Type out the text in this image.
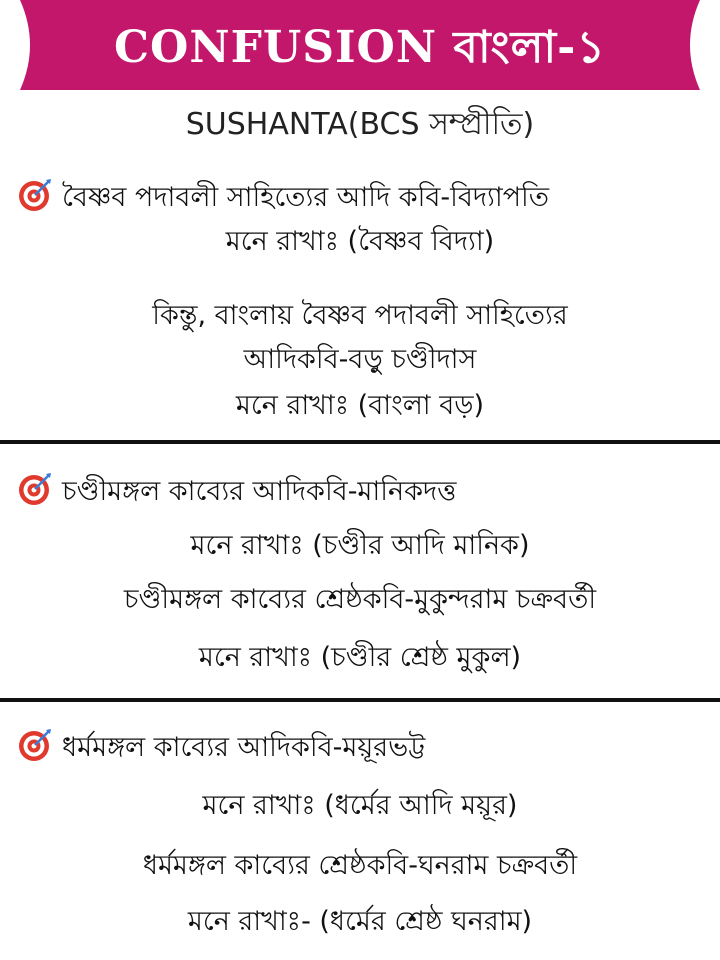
CONFUSION বাংলা-১
SUSHANTA(BCS সম্প্রীতি)
বৈষ্ণব পদাবলী সাহিত্যের আদি কবি-বিদ্যাপতি
মনে রাখাঃ (বৈষ্ণব বিদ্যা)
কিন্তু, বাংলায় বৈষ্ণব পদাবলী সাহিত্যের
আদিকবি-বড়ু চণ্ডীদাস
মনে রাখাঃ (বাংলা বড়)
চণ্ডীমঙ্গল কাব্যের আদিকবি-মানিকদত্ত
মনে রাখাঃ (চণ্ডীর আদি মানিক)
চণ্ডীমঙ্গল কাব্যের শ্রেষ্ঠকবি-মুকুন্দরাম চক্রবর্তী
মনে রাখাঃ (চণ্ডীর শ্রেষ্ঠ মুকুল)
ধর্মমঙ্গল কাব্যের আদিকবি-ময়ূরভট্ট
মনে রাখাঃ (ধর্মের আদি ময়ূর)
ধর্মমঙ্গল কাব্যের শ্রেষ্ঠকবি-ঘনরাম চক্রবর্তী
মনে রাখাঃ- (ধর্মের শ্রেষ্ঠ ঘনরাম)
